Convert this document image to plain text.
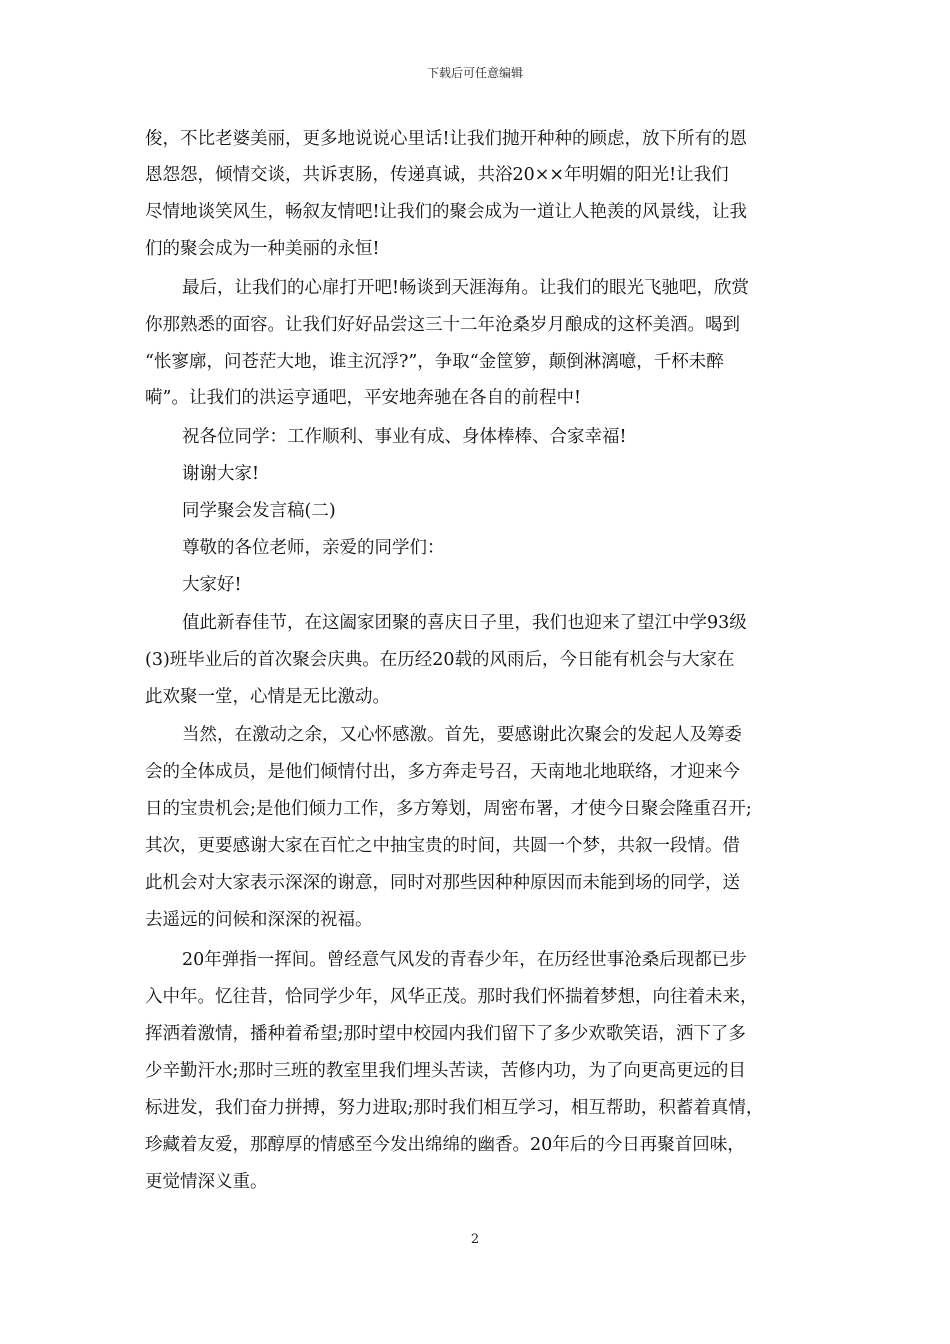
下载后可任意编辑
俊，不比老婆美丽，更多地说说心里话!让我们抛开种种的顾虑，放下所有的恩
恩怨怨，倾情交谈，共诉衷肠，传递真诚，共浴20××年明媚的阳光!让我们
尽情地谈笑风生，畅叙友情吧!让我们的聚会成为一道让人艳羡的风景线，让我
们的聚会成为一种美丽的永恒!
最后，让我们的心扉打开吧!畅谈到天涯海角。让我们的眼光飞驰吧，欣赏
你那熟悉的面容。让我们好好品尝这三十二年沧桑岁月酿成的这杯美酒。喝到
“怅寥廓，问苍茫大地，谁主沉浮?”，争取“金筐箩，颠倒淋漓噫，千杯未醉
嗬”。让我们的洪运亨通吧，平安地奔驰在各自的前程中!
祝各位同学：工作顺利、事业有成、身体棒棒、合家幸福!
谢谢大家!
同学聚会发言稿(二)
尊敬的各位老师，亲爱的同学们：
大家好!
值此新春佳节，在这阖家团聚的喜庆日子里，我们也迎来了望江中学93级
(3)班毕业后的首次聚会庆典。在历经20载的风雨后，今日能有机会与大家在
此欢聚一堂，心情是无比激动。
当然，在激动之余，又心怀感激。首先，要感谢此次聚会的发起人及筹委
会的全体成员，是他们倾情付出，多方奔走号召，天南地北地联络，才迎来今
日的宝贵机会;是他们倾力工作，多方筹划，周密布署，才使今日聚会隆重召开;
其次，更要感谢大家在百忙之中抽宝贵的时间，共圆一个梦，共叙一段情。借
此机会对大家表示深深的谢意，同时对那些因种种原因而未能到场的同学，送
去遥远的问候和深深的祝福。
20年弹指一挥间。曾经意气风发的青春少年，在历经世事沧桑后现都已步
入中年。忆往昔，恰同学少年，风华正茂。那时我们怀揣着梦想，向往着未来，
挥洒着激情，播种着希望;那时望中校园内我们留下了多少欢歌笑语，洒下了多
少辛勤汗水;那时三班的教室里我们埋头苦读，苦修内功，为了向更高更远的目
标进发，我们奋力拼搏，努力进取;那时我们相互学习，相互帮助，积蓄着真情，
珍藏着友爱，那醇厚的情感至今发出绵绵的幽香。20年后的今日再聚首回味，
更觉情深义重。
2
